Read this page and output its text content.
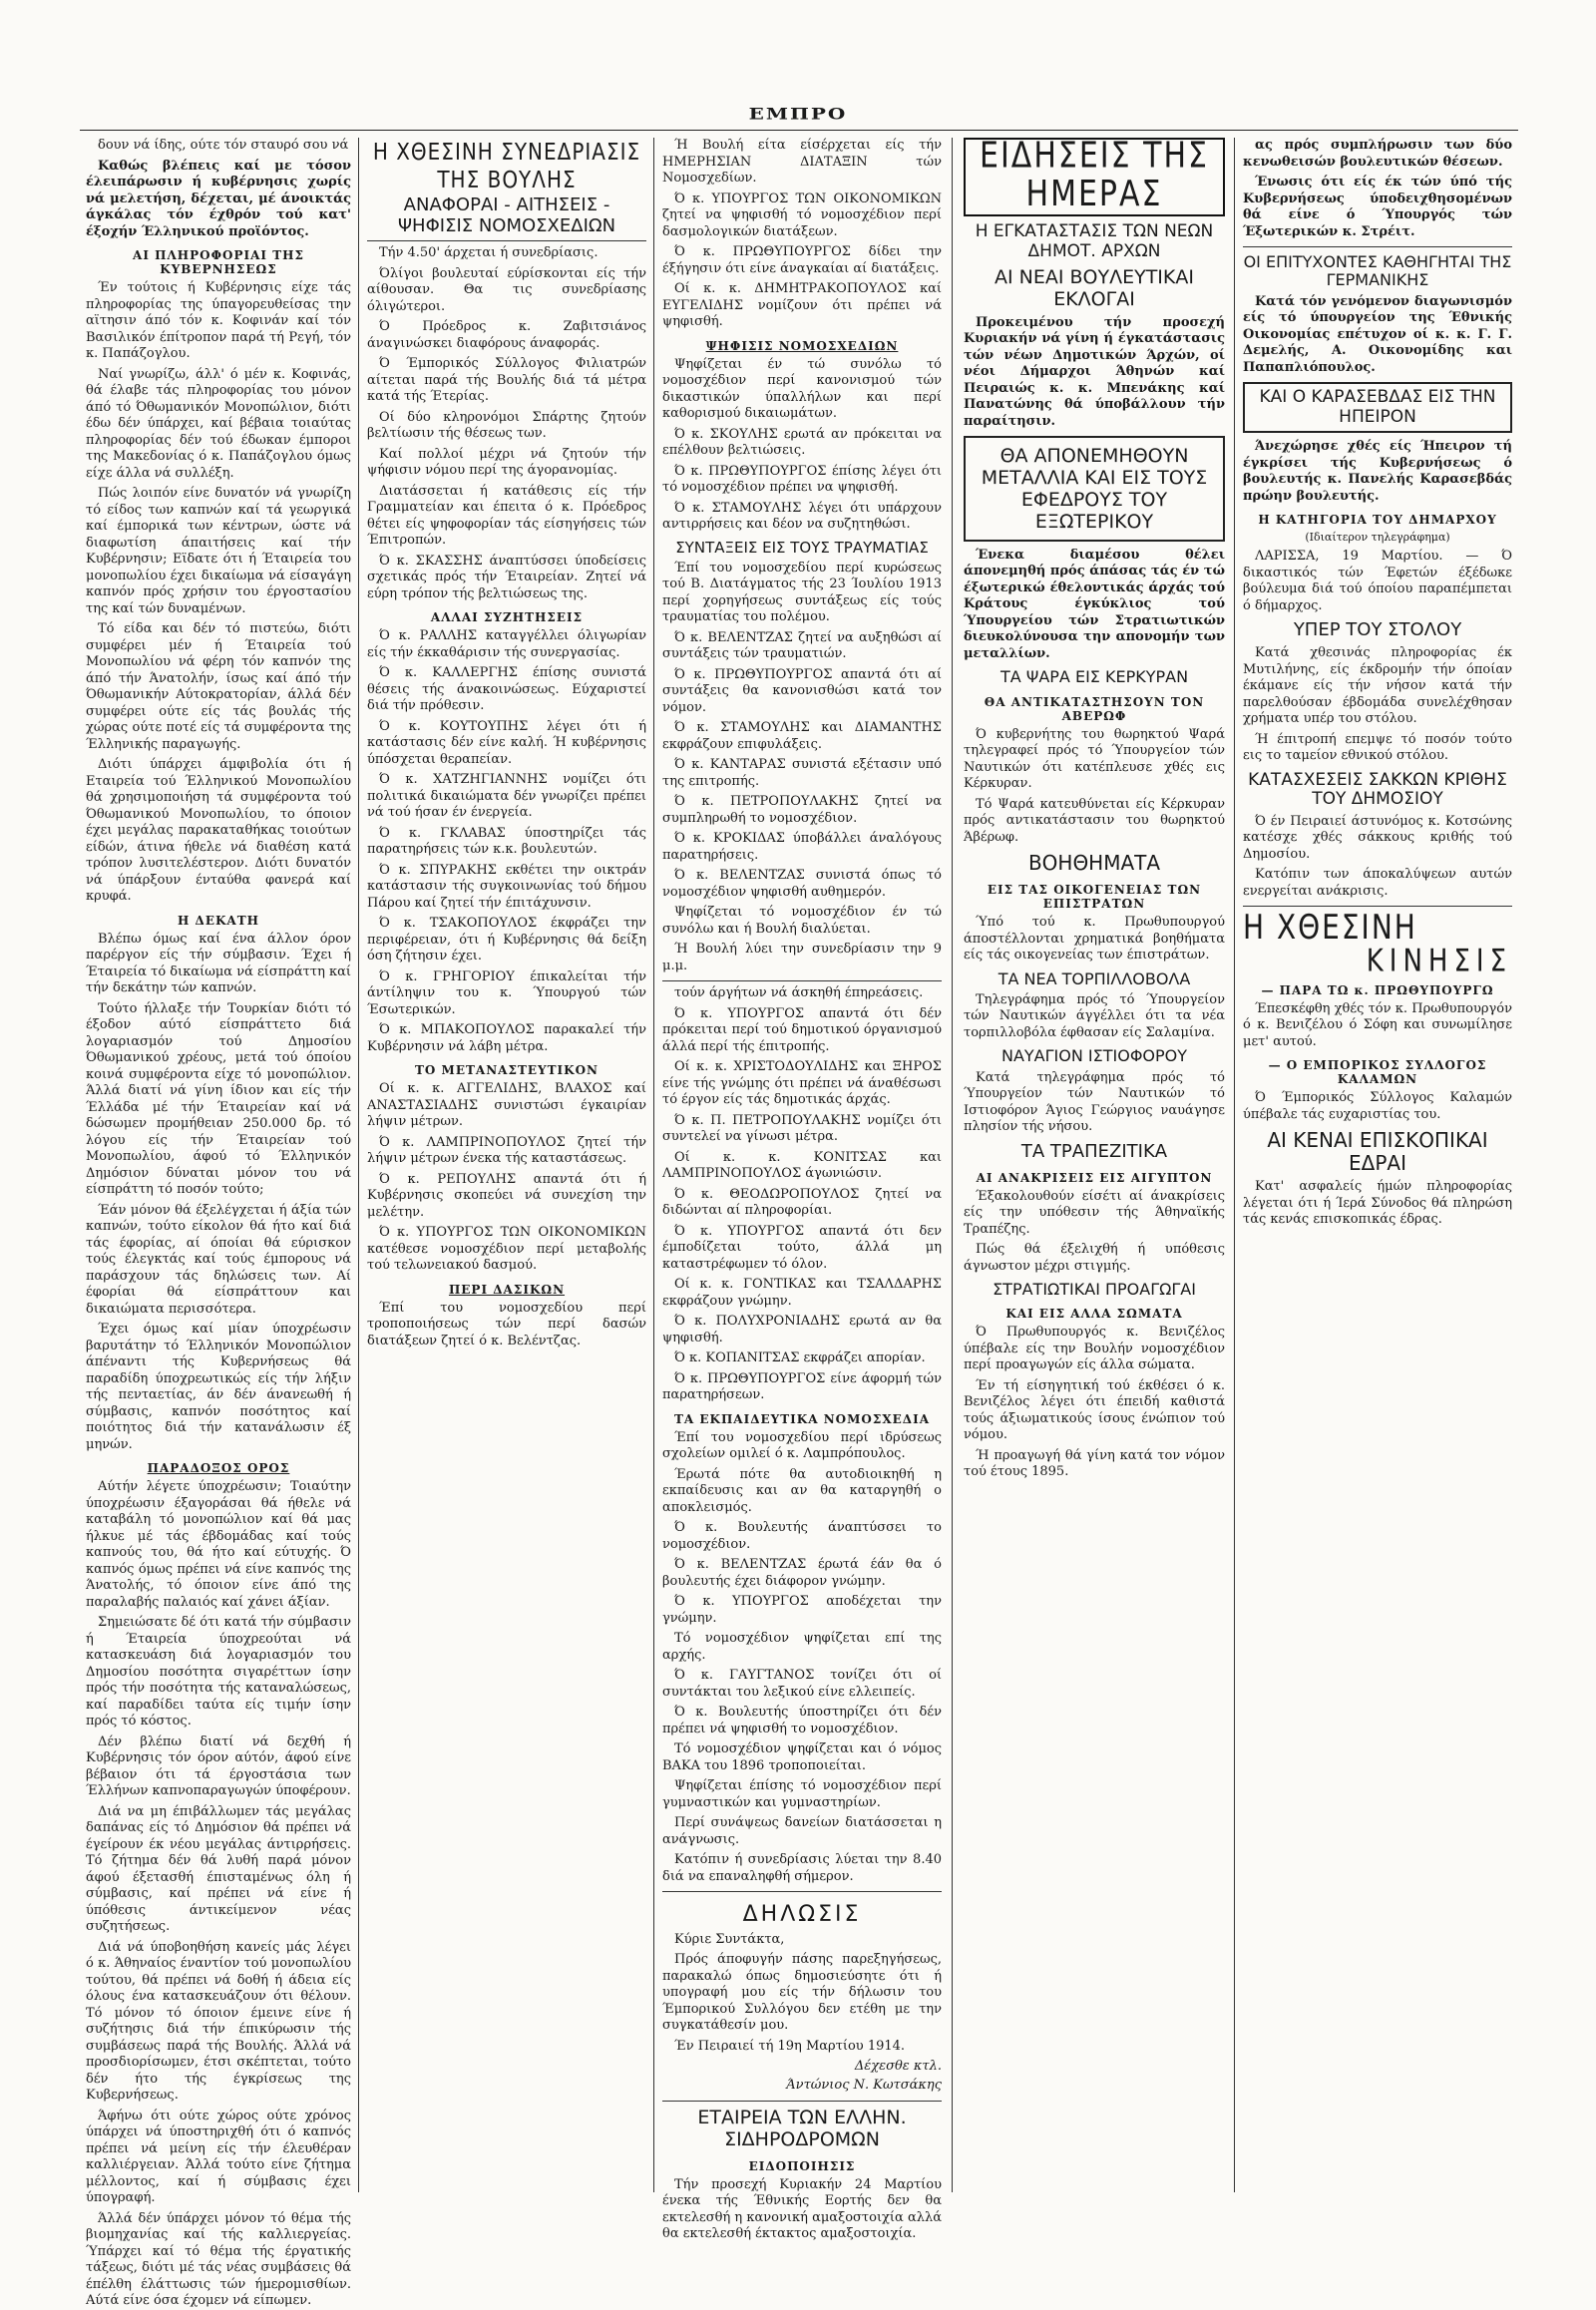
ΕΜΠΡΟ

δουν νά ίδης, ούτε τόν σταυρό σου νά

Καθώς βλέπεις καί με τόσον έλειπάρωσιν ή κυβέρνησις χωρίς νά μελετήση, δέχεται, μέ άνοικτάς άγκάλας τόν έχθρόν τού κατ' έξοχήν Έλληνικού προϊόντος.

ΑΙ ΠΛΗΡΟΦΟΡΙΑΙ ΤΗΣ ΚΥΒΕΡΝΗΣΕΩΣ

Έν τούτοις ή Κυβέρνησις είχε τάς πληροφορίας της ύπαγορευθείσας την αϊτησιν άπό τόν κ. Κοφινάν καί τόν Βασιλικόν έπίτροπον παρά τή Ρεγή, τόν κ. Παπάζογλου.

Ναί γνωρίζω, άλλ' ό μέν κ. Κοφινάς, θά έλαβε τάς πληροφορίας του μόνον άπό τό Όθωμανικόν Μονοπώλιον, διότι έδω δέν ύπάρχει, καί βέβαια τοιαύτας πληροφορίας δέν τού έδωκαν έμποροι της Μακεδονίας ό κ. Παπάζογλου όμως είχε άλλα νά συλλέξη.

Πώς λοιπόν είνε δυνατόν νά γνωρίζη τό είδος των καπνών καί τά γεωργικά καί έμπορικά των κέντρων, ώστε νά διαφωτίση άπαιτήσεις καί τήν Κυβέρνησιν; Εϊδατε ότι ή Έταιρεία του μονοπωλίου έχει δικαίωμα νά είσαγάγη καπνόν πρός χρήσιν του έργοστασίου της καί τών δυναμένων.

Τό είδα και δέν τό πιστεύω, διότι συμφέρει μέν ή Έταιρεία τού Μονοπωλίου νά φέρη τόν καπνόν της άπό τήν Άνατολήν, ίσως καί άπό τήν Όθωμανικήν Αύτοκρατορίαν, άλλά δέν συμφέρει ούτε είς τάς βουλάς τής χώρας ούτε ποτέ είς τά συμφέροντα της Έλληνικής παραγωγής.

Διότι ύπάρχει άμφιβολία ότι ή Εταιρεία τού Έλληνικού Μονοπωλίου θά χρησιμοποιήση τά συμφέροντα τού Όθωμανικού Μονοπωλίου, το όποιον έχει μεγάλας παρακαταθήκας τοιούτων είδών, άτινα ήθελε νά διαθέση κατά τρόπον λυσιτελέστερον. Διότι δυνατόν νά ύπάρξουν ένταύθα φανερά καί κρυφά.

Η ΔΕΚΑΤΗ

Βλέπω όμως καί ένα άλλον όρον παρέργον είς τήν σύμβασιν. Έχει ή Έταιρεία τό δικαίωμα νά είσπράττη καί τήν δεκάτην τών καπνών.

Τούτο ήλλαξε τήν Τουρκίαν διότι τό έξοδον αύτό είσπράττετο διά λογαριασμόν τού Δημοσίου Όθωμανικού χρέους, μετά τού όποίου κοινά συμφέροντα είχε τό μονοπώλιον. Άλλά διατί νά γίνη ίδιον και είς τήν Έλλάδα μέ τήν Έταιρείαν καί νά δώσωμεν προμήθειαν 250.000 δρ. τό λόγου είς τήν Έταιρείαν τού Μονοπωλίου, άφού τό Έλληνικόν Δημόσιον δύναται μόνον του νά είσπράττη τό ποσόν τούτο;

Έάν μόνον θά έξελέγχεται ή άξία τών καπνών, τούτο είκολον θά ήτο καί διά τάς έφορίας, αί όποίαι θά εύρισκον τούς έλεγκτάς καί τούς έμπορους νά παράσχουν τάς δηλώσεις των. Αί έφορίαι θά είσπράττουν και δικαιώματα περισσότερα.

Έχει όμως καί μίαν ύποχρέωσιν βαρυτάτην τό Έλληνικόν Μονοπώλιον άπέναντι τής Κυβερνήσεως θά παραδίδη ύποχρεωτικώς είς τήν λήξιν τής πενταετίας, άν δέν άνανεωθή ή σύμβασις, καπνόν ποσότητος καί ποιότητος διά τήν κατανάλωσιν έξ μηνών.

ΠΑΡΑΔΟΞΟΣ ΟΡΟΣ

Αύτήν λέγετε ύποχρέωσιν; Τοιαύτην ύποχρέωσιν έξαγοράσαι θά ήθελε νά καταβάλη τό μονοπώλιον καί θά μας ήλκυε μέ τάς έβδομάδας καί τούς καπνούς του, θά ήτο καί εύτυχής. Ό καπνός όμως πρέπει νά είνε καπνός της Άνατολής, τό όποιον είνε άπό της παραλαβής παλαιός καί χάνει άξίαν.

Σημειώσατε δέ ότι κατά τήν σύμβασιν ή Έταιρεία ύποχρεούται νά κατασκευάση διά λογαριασμόν του Δημοσίου ποσότητα σιγαρέττων ίσην πρός τήν ποσότητα τής καταναλώσεως, καί παραδίδει ταύτα είς τιμήν ίσην πρός τό κόστος.

Δέν βλέπω διατί νά δεχθή ή Κυβέρνησις τόν όρον αύτόν, άφού είνε βέβαιον ότι τά έργοστάσια των Έλλήνων καπνοπαραγωγών ύποφέρουν.

Διά να μη έπιβάλλωμεν τάς μεγάλας δαπάνας είς τό Δημόσιον θά πρέπει νά έγείρουν έκ νέου μεγάλας άντιρρήσεις. Τό ζήτημα δέν θά λυθή παρά μόνον άφού έξετασθή έπισταμένως όλη ή σύμβασις, καί πρέπει νά είνε ή ύπόθεσις άντικείμενον νέας συζητήσεως.

Διά νά ύποβοηθήση κανείς μάς λέγει ό κ. Άθηναίος έναντίον τού μονοπωλίου τούτου, θά πρέπει νά δοθή ή άδεια είς όλους ένα κατασκευάζουν ότι θέλουν. Τό μόνον τό όποιον έμεινε είνε ή συζήτησις διά τήν έπικύρωσιν τής συμβάσεως παρά τής Βουλής. Άλλά νά προσδιορίσωμεν, έτσι σκέπτεται, τούτο δέν ήτο τής έγκρίσεως της Κυβερνήσεως.

Άφήνω ότι ούτε χώρος ούτε χρόνος ύπάρχει νά ύποστηριχθή ότι ό καπνός πρέπει νά μείνη είς τήν έλευθέραν καλλιέργειαν. Άλλά τούτο είνε ζήτημα μέλλοντος, καί ή σύμβασις έχει ύπογραφή.

Άλλά δέν ύπάρχει μόνον τό θέμα τής βιομηχανίας καί τής καλλιεργείας. Ύπάρχει καί τό θέμα τής έργατικής τάξεως, διότι μέ τάς νέας συμβάσεις θά έπέλθη έλάττωσις τών ήμερομισθίων. Αύτά είνε όσα έχομεν νά είπωμεν.

Η ΧΘΕΣΙΝΗ ΣΥΝΕΔΡΙΑΣΙΣ ΤΗΣ ΒΟΥΛΗΣ
ΑΝΑΦΟΡΑΙ - ΑΙΤΗΣΕΙΣ - ΨΗΦΙΣΙΣ ΝΟΜΟΣΧΕΔΙΩΝ

Τήν 4.50' άρχεται ή συνεδρίασις.

Όλίγοι βουλευταί εύρίσκονται είς τήν αίθουσαν. Θα τις συνεδρίασης όλιγώτεροι.

Ό Πρόεδρος κ. Ζαβιτσιάνος άναγινώσκει διαφόρους άναφοράς.

Ό Έμπορικός Σύλλογος Φιλιατρών αίτεται παρά τής Βουλής διά τά μέτρα κατά τής Έτερίας.

Οί δύο κληρονόμοι Σπάρτης ζητούν βελτίωσιν τής θέσεως των.

Καί πολλοί μέχρι νά ζητούν τήν ψήφισιν νόμου περί της άγορανομίας.

Διατάσσεται ή κατάθεσις είς τήν Γραμματείαν και έπειτα ό κ. Πρόεδρος θέτει είς ψηφοφορίαν τάς είσηγήσεις τών Έπιτροπών.

Ό κ. ΣΚΑΣΣΗΣ άναπτύσσει ύποδείσεις σχετικάς πρός τήν Έταιρείαν. Ζητεί νά εύρη τρόπον τής βελτιώσεως της.

ΑΛΛΑΙ ΣΥΖΗΤΗΣΕΙΣ

Ό κ. ΡΑΛΛΗΣ καταγγέλλει όλιγωρίαν είς τήν έκκαθάρισιν τής συνεργασίας.

Ό κ. ΚΑΛΛΕΡΓΗΣ έπίσης συνιστά θέσεις τής άνακοινώσεως. Εύχαριστεί διά τήν πρόθεσιν.

Ό κ. ΚΟΥΤΟΥΠΗΣ λέγει ότι ή κατάστασις δέν είνε καλή. Ή κυβέρνησις ύπόσχεται θεραπείαν.

Ό κ. ΧΑΤΖΗΓΙΑΝΝΗΣ νομίζει ότι πολιτικά δικαιώματα δέν γνωρίζει πρέπει νά τού ήσαν έν ένεργεία.

Ό κ. ΓΚΛΑΒΑΣ ύποστηρίζει τάς παρατηρήσεις τών κ.κ. βουλευτών.

Ό κ. ΣΠΥΡΑΚΗΣ εκθέτει την οικτράν κατάστασιν τής συγκοινωνίας τού δήμου Πάρου καί ζητεί τήν έπιτάχυνσιν.

Ό κ. ΤΣΑΚΟΠΟΥΛΟΣ έκφράζει την περιφέρειαν, ότι ή Κυβέρνησις θά δείξη όση ζήτησιν έχει.

Ό κ. ΓΡΗΓΟΡΙΟΥ έπικαλείται τήν άντίληψιν του κ. Ύπουργού τών Έσωτερικών.

Ό κ. ΜΠΑΚΟΠΟΥΛΟΣ παρακαλεί τήν Κυβέρνησιν νά λάβη μέτρα.

ΤΟ ΜΕΤΑΝΑΣΤΕΥΤΙΚΟΝ

Οί κ. κ. ΑΓΓΕΛΙΔΗΣ, ΒΛΑΧΟΣ καί ΑΝΑΣΤΑΣΙΑΔΗΣ συνιστώσι έγκαιρίαν λήψιν μέτρων.

Ό κ. ΛΑΜΠΡΙΝΟΠΟΥΛΟΣ ζητεί τήν λήψιν μέτρων ένεκα τής καταστάσεως.

Ό κ. ΡΕΠΟΥΛΗΣ απαντά ότι ή Κυβέρνησις σκοπεύει νά συνεχίση την μελέτην.

Ό κ. ΥΠΟΥΡΓΟΣ ΤΩΝ ΟΙΚΟΝΟΜΙΚΩΝ κατέθεσε νομοσχέδιον περί μεταβολής τού τελωνειακού δασμού.

ΠΕΡΙ ΔΑΣΙΚΩΝ

Έπί του νομοσχεδίου περί τροποποιήσεως τών περί δασών διατάξεων ζητεί ό κ. Βελέντζας.

Ή Βουλή είτα είσέρχεται είς τήν ΗΜΕΡΗΣΙΑΝ ΔΙΑΤΑΞΙΝ τών Νομοσχεδίων.

Ό κ. ΥΠΟΥΡΓΟΣ ΤΩΝ ΟΙΚΟΝΟΜΙΚΩΝ ζητεί να ψηφισθή τό νομοσχέδιον περί δασμολογικών διατάξεων.

Ό κ. ΠΡΩΘΥΠΟΥΡΓΟΣ δίδει την έξήγησιν ότι είνε άναγκαίαι αί διατάξεις.

Οί κ. κ. ΔΗΜΗΤΡΑΚΟΠΟΥΛΟΣ καί ΕΥΓΕΛΙΔΗΣ νομίζουν ότι πρέπει νά ψηφισθή.

ΨΗΦΙΣΙΣ ΝΟΜΟΣΧΕΔΙΩΝ

Ψηφίζεται έν τώ συνόλω τό νομοσχέδιον περί κανονισμού τών δικαστικών ύπαλλήλων και περί καθορισμού δικαιωμάτων.

Ό κ. ΣΚΟΥΛΗΣ ερωτά αν πρόκειται να επέλθουν βελτιώσεις.

Ό κ. ΠΡΩΘΥΠΟΥΡΓΟΣ έπίσης λέγει ότι τό νομοσχέδιον πρέπει να ψηφισθή.

Ό κ. ΣΤΑΜΟΥΛΗΣ λέγει ότι υπάρχουν αντιρρήσεις και δέον να συζητηθώσι.

ΣΥΝΤΑΞΕΙΣ ΕΙΣ ΤΟΥΣ ΤΡΑΥΜΑΤΙΑΣ

Έπί του νομοσχεδίου περί κυρώσεως τού Β. Διατάγματος τής 23 Ίουλίου 1913 περί χορηγήσεως συντάξεως είς τούς τραυματίας του πολέμου.

Ό κ. ΒΕΛΕΝΤΖΑΣ ζητεί να αυξηθώσι αί συντάξεις τών τραυματιών.

Ό κ. ΠΡΩΘΥΠΟΥΡΓΟΣ απαντά ότι αί συντάξεις θα κανονισθώσι κατά τον νόμον.

Ό κ. ΣΤΑΜΟΥΛΗΣ και ΔΙΑΜΑΝΤΗΣ εκφράζουν επιφυλάξεις.

Ό κ. ΚΑΝΤΑΡΑΣ συνιστά εξέτασιν υπό της επιτροπής.

Ό κ. ΠΕΤΡΟΠΟΥΛΑΚΗΣ ζητεί να συμπληρωθή το νομοσχέδιον.

Ό κ. ΚΡΟΚΙΔΑΣ ύποβάλλει άναλόγους παρατηρήσεις.

Ό κ. ΒΕΛΕΝΤΖΑΣ συνιστά όπως τό νομοσχέδιον ψηφισθή αυθημερόν.

Ψηφίζεται τό νομοσχέδιον έν τώ συνόλω και ή Βουλή διαλύεται.

Ή Βουλή λύει την συνεδρίασιν την 9 μ.μ.

τούν άργήτων νά άσκηθή έπηρεάσεις.

Ό κ. ΥΠΟΥΡΓΟΣ απαντά ότι δέν πρόκειται περί τού δημοτικού όργανισμού άλλά περί τής έπιτροπής.

Οί κ. κ. ΧΡΙΣΤΟΔΟΥΛΙΔΗΣ και ΞΗΡΟΣ είνε τής γνώμης ότι πρέπει νά άναθέσωσι τό έργον είς τάς δημοτικάς άρχάς.

Ό κ. Π. ΠΕΤΡΟΠΟΥΛΑΚΗΣ νομίζει ότι συντελεί να γίνωσι μέτρα.

Οί κ. κ. ΚΟΝΙΤΣΑΣ και ΛΑΜΠΡΙΝΟΠΟΥΛΟΣ άγωνιώσιν.

Ό κ. ΘΕΟΔΩΡΟΠΟΥΛΟΣ ζητεί να διδώνται αί πληροφορίαι.

Ό κ. ΥΠΟΥΡΓΟΣ απαντά ότι δεν έμποδίζεται τούτο, άλλά μη καταστρέφωμεν τό όλον.

Οί κ. κ. ΓΟΝΤΙΚΑΣ και ΤΣΑΛΔΑΡΗΣ εκφράζουν γνώμην.

Ό κ. ΠΟΛΥΧΡΟΝΙΑΔΗΣ ερωτά αν θα ψηφισθή.

Ό κ. ΚΟΠΑΝΙΤΣΑΣ εκφράζει απορίαν.

Ό κ. ΠΡΩΘΥΠΟΥΡΓΟΣ είνε άφορμή τών παρατηρήσεων.

ΤΑ ΕΚΠΑΙΔΕΥΤΙΚΑ ΝΟΜΟΣΧΕΔΙΑ

Έπί του νομοσχεδίου περί ιδρύσεως σχολείων ομιλεί ό κ. Λαμπρόπουλος.

Έρωτά πότε θα αυτοδιοικηθή η εκπαίδευσις και αν θα καταργηθή ο αποκλεισμός.

Ό κ. Βουλευτής άναπτύσσει το νομοσχέδιον.

Ό κ. ΒΕΛΕΝΤΖΑΣ έρωτά έάν θα ό βουλευτής έχει διάφορον γνώμην.

Ό κ. ΥΠΟΥΡΓΟΣ αποδέχεται την γνώμην.

Τό νομοσχέδιον ψηφίζεται επί της αρχής.

Ό κ. ΓΑΥΓΤΑΝΟΣ τονίζει ότι οί συντάκται του λεξικού είνε ελλειπείς.

Ό κ. Βουλευτής ύποστηρίζει ότι δέν πρέπει νά ψηφισθή το νομοσχέδιον.

Τό νομοσχέδιον ψηφίζεται και ό νόμος ΒΑΚΑ του 1896 τροποποιείται.

Ψηφίζεται έπίσης τό νομοσχέδιον περί γυμναστικών και γυμναστηρίων.

Περί συνάψεως δανείων διατάσσεται η ανάγνωσις.

Κατόπιν ή συνεδρίασις λύεται την 8.40 διά να επαναληφθή σήμερον.

ΔΗΛΩΣΙΣ

Κύριε Συντάκτα,

Πρός άποφυγήν πάσης παρεξηγήσεως, παρακαλώ όπως δημοσιεύσητε ότι ή υπογραφή μου είς τήν δήλωσιν του Έμπορικού Συλλόγου δεν ετέθη με την συγκατάθεσίν μου.

Έν Πειραιεί τή 19η Μαρτίου 1914.

Δέχεσθε κτλ.
Άντώνιος Ν. Κωτσάκης
ΕΤΑΙΡΕΙΑ ΤΩΝ ΕΛΛΗΝ. ΣΙΔΗΡΟΔΡΟΜΩΝ
ΕΙΔΟΠΟΙΗΣΙΣ

Τήν προσεχή Κυριακήν 24 Μαρτίου ένεκα τής Έθνικής Εορτής δεν θα εκτελεσθή η κανονική αμαξοστοιχία αλλά θα εκτελεσθή έκτακτος αμαξοστοιχία.

ΕΙΔΗΣΕΙΣ ΤΗΣ ΗΜΕΡΑΣ
Η ΕΓΚΑΤΑΣΤΑΣΙΣ ΤΩΝ ΝΕΩΝ ΔΗΜΟΤ. ΑΡΧΩΝ
ΑΙ ΝΕΑΙ ΒΟΥΛΕΥΤΙΚΑΙ ΕΚΛΟΓΑΙ

Προκειμένου τήν προσεχή Κυριακήν νά γίνη ή έγκατάστασις τών νέων Δημοτικών Άρχών, οί νέοι Δήμαρχοι Άθηνών καί Πειραιώς κ. κ. Μπενάκης καί Πανατώνης θά ύποβάλλουν τήν παραίτησιν.

ΘΑ ΑΠΟΝΕΜΗΘΟΥΝ ΜΕΤΑΛΛΙΑ ΚΑΙ ΕΙΣ ΤΟΥΣ ΕΦΕΔΡΟΥΣ ΤΟΥ ΕΞΩΤΕΡΙΚΟΥ

Ένεκα διαμέσου θέλει άπονεμηθή πρός άπάσας τάς έν τώ έξωτερικώ έθελοντικάς άρχάς τού Κράτους έγκύκλιος τού Ύπουργείου τών Στρατιωτικών διευκολύνουσα την απονομήν των μεταλλίων.

ΤΑ ΨΑΡΑ ΕΙΣ ΚΕΡΚΥΡΑΝ
ΘΑ ΑΝΤΙΚΑΤΑΣΤΗΣΟΥΝ ΤΟΝ ΑΒΕΡΩΦ

Ό κυβερνήτης του θωρηκτού Ψαρά τηλεγραφεί πρός τό Ύπουργείον τών Ναυτικών ότι κατέπλευσε χθές εις Κέρκυραν.

Τό Ψαρά κατευθύνεται είς Κέρκυραν πρός αντικατάστασιν του θωρηκτού Άβέρωφ.

ΒΟΗΘΗΜΑΤΑ
ΕΙΣ ΤΑΣ ΟΙΚΟΓΕΝΕΙΑΣ ΤΩΝ ΕΠΙΣΤΡΑΤΩΝ

Ύπό τού κ. Πρωθυπουργού άποστέλλονται χρηματικά βοηθήματα είς τάς οικογενείας των έπιστράτων.

ΤΑ ΝΕΑ ΤΟΡΠΙΛΛΟΒΟΛΑ

Τηλεγράφημα πρός τό Ύπουργείον τών Ναυτικών άγγέλλει ότι τα νέα τορπιλλοβόλα έφθασαν είς Σαλαμίνα.

ΝΑΥΑΓΙΟΝ ΙΣΤΙΟΦΟΡΟΥ

Κατά τηλεγράφημα πρός τό Ύπουργείον τών Ναυτικών τό Ιστιοφόρον Άγιος Γεώργιος ναυάγησε πλησίον τής νήσου.

ΤΑ ΤΡΑΠΕΖΙΤΙΚΑ
ΑΙ ΑΝΑΚΡΙΣΕΙΣ ΕΙΣ ΑΙΓΥΠΤΟΝ

Έξακολουθούν είσέτι αί άνακρίσεις είς την υπόθεσιν τής Άθηναϊκής Τραπέζης.

Πώς θά έξελιχθή ή υπόθεσις άγνωστον μέχρι στιγμής.

ΣΤΡΑΤΙΩΤΙΚΑΙ ΠΡΟΑΓΩΓΑΙ
ΚΑΙ ΕΙΣ ΑΛΛΑ ΣΩΜΑΤΑ

Ό Πρωθυπουργός κ. Βενιζέλος ύπέβαλε είς την Βουλήν νομοσχέδιον περί προαγωγών είς άλλα σώματα.

Έν τή είσηγητική τού έκθέσει ό κ. Βενιζέλος λέγει ότι έπειδή καθιστά τούς άξιωματικούς ίσους ένώπιον τού νόμου.

Ή προαγωγή θά γίνη κατά τον νόμον τού έτους 1895.

ας πρός συμπλήρωσιν των δύο κενωθεισών βουλευτικών θέσεων.

Ένωσις ότι είς έκ τών ύπό τής Κυβερνήσεως ύποδειχθησομένων θά είνε ό Ύπουργός τών Έξωτερικών κ. Στρέιτ.

ΟΙ ΕΠΙΤΥΧΟΝΤΕΣ ΚΑΘΗΓΗΤΑΙ ΤΗΣ ΓΕΡΜΑΝΙΚΗΣ

Κατά τόν γενόμενον διαγωνισμόν είς τό ύπουργείον της Έθνικής Οικονομίας επέτυχον οί κ. κ. Γ. Γ. Δεμελής, Α. Οικονομίδης και Παπαπλιόπουλος.

ΚΑΙ Ο ΚΑΡΑΣΕΒΔΑΣ ΕΙΣ ΤΗΝ ΗΠΕΙΡΟΝ

Άνεχώρησε χθές είς Ήπειρον τή έγκρίσει τής Κυβερνήσεως ό βουλευτής κ. Πανελής Καρασεβδάς πρώην βουλευτής.

Η ΚΑΤΗΓΟΡΙΑ ΤΟΥ ΔΗΜΑΡΧΟΥ

(Ιδιαίτερον τηλεγράφημα)

ΛΑΡΙΣΣΑ, 19 Μαρτίου. — Ό δικαστικός τών Έφετών έξέδωκε βούλευμα διά τού όποίου παραπέμπεται ό δήμαρχος.

ΥΠΕΡ ΤΟΥ ΣΤΟΛΟΥ

Κατά χθεσινάς πληροφορίας έκ Μυτιλήνης, είς έκδρομήν τήν όποίαν έκάμανε είς τήν νήσον κατά τήν παρελθούσαν έβδομάδα συνελέχθησαν χρήματα υπέρ του στόλου.

Ή έπιτροπή επεμψε τό ποσόν τούτο εις το ταμείον εθνικού στόλου.

ΚΑΤΑΣΧΕΣΕΙΣ ΣΑΚΚΩΝ ΚΡΙΘΗΣ ΤΟΥ ΔΗΜΟΣΙΟΥ

Ό έν Πειραιεί άστυνόμος κ. Κοτσώνης κατέσχε χθές σάκκους κριθής τού Δημοσίου.

Κατόπιν των άποκαλύψεων αυτών ενεργείται ανάκρισις.

Η ΧΘΕΣΙΝΗ
ΚΙΝΗΣΙΣ
— ΠΑΡΑ ΤΩ κ. ΠΡΩΘΥΠΟΥΡΓΩ

Έπεσκέφθη χθές τόν κ. Πρωθυπουργόν ό κ. Βενιζέλου ό Σόφη και συνωμίλησε μετ' αυτού.

— Ο ΕΜΠΟΡΙΚΟΣ ΣΥΛΛΟΓΟΣ ΚΑΛΑΜΩΝ

Ό Έμπορικός Σύλλογος Καλαμών ύπέβαλε τάς ευχαριστίας του.

ΑΙ ΚΕΝΑΙ ΕΠΙΣΚΟΠΙΚΑΙ ΕΔΡΑΙ

Κατ' ασφαλείς ήμών πληροφορίας λέγεται ότι ή Ίερά Σύνοδος θά πληρώση τάς κενάς επισκοπικάς έδρας.
